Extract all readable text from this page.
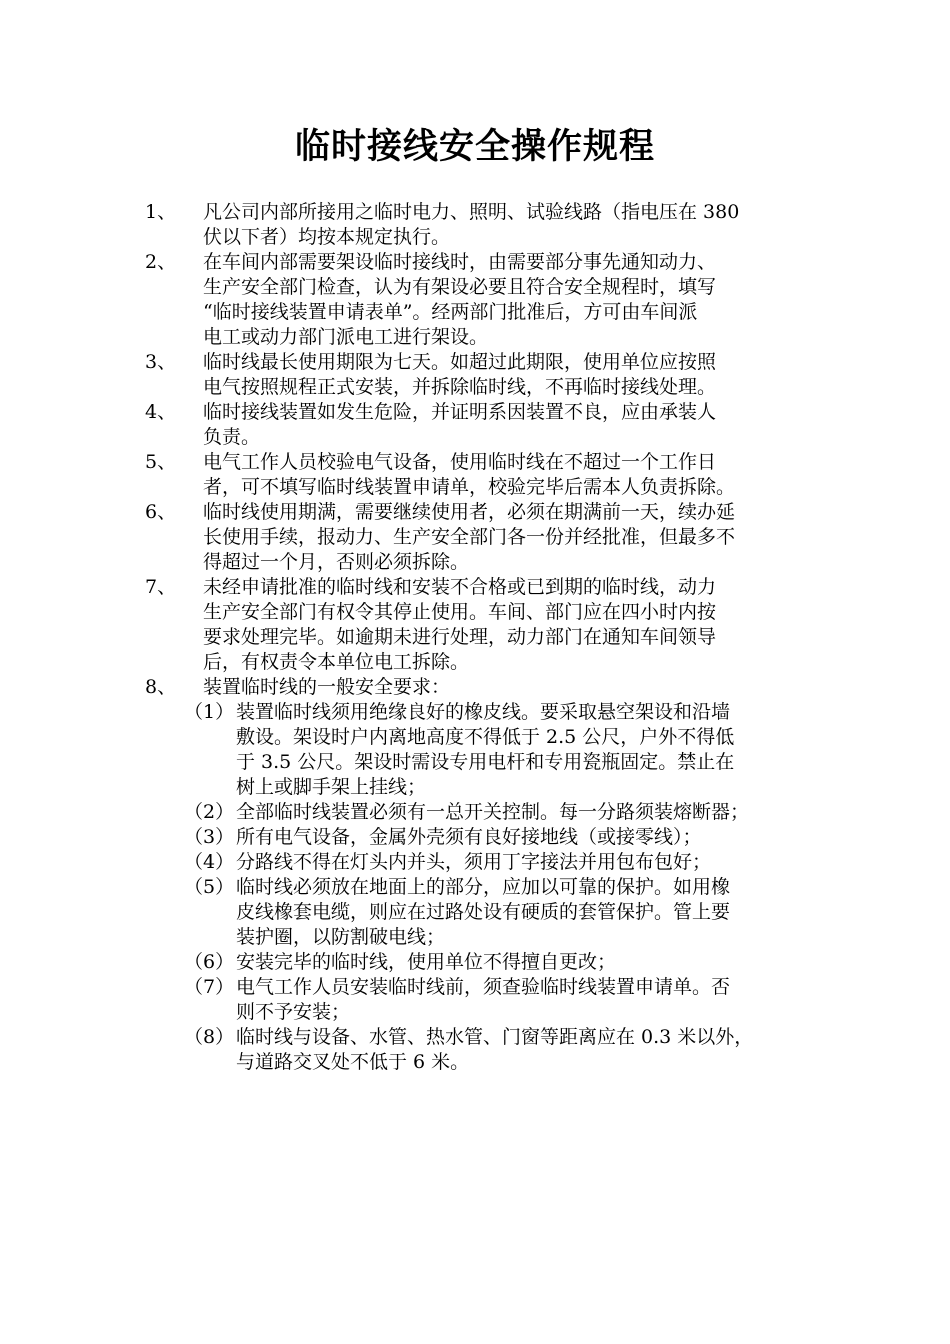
临时接线安全操作规程
1、	凡公司内部所接用之临时电力、照明、试验线路（指电压在 380
伏以下者）均按本规定执行。
2、	在车间内部需要架设临时接线时，由需要部分事先通知动力、
生产安全部门检查，认为有架设必要且符合安全规程时，填写
“临时接线装置申请表单”。经两部门批准后，方可由车间派
电工或动力部门派电工进行架设。
3、	临时线最长使用期限为七天。如超过此期限，使用单位应按照
电气按照规程正式安装，并拆除临时线，不再临时接线处理。
4、	临时接线装置如发生危险，并证明系因装置不良，应由承装人
负责。
5、	电气工作人员校验电气设备，使用临时线在不超过一个工作日
者，可不填写临时线装置申请单，校验完毕后需本人负责拆除。
6、	临时线使用期满，需要继续使用者，必须在期满前一天，续办延
长使用手续，报动力、生产安全部门各一份并经批准，但最多不
得超过一个月，否则必须拆除。
7、	未经申请批准的临时线和安装不合格或已到期的临时线，动力
生产安全部门有权令其停止使用。车间、部门应在四小时内按
要求处理完毕。如逾期未进行处理，动力部门在通知车间领导
后，有权责令本单位电工拆除。
8、	装置临时线的一般安全要求：
（1） 装置临时线须用绝缘良好的橡皮线。要采取悬空架设和沿墙
敷设。架设时户内离地高度不得低于 2.5 公尺，户外不得低
于 3.5 公尺。架设时需设专用电杆和专用瓷瓶固定。禁止在
树上或脚手架上挂线；
（2） 全部临时线装置必须有一总开关控制。每一分路须装熔断器；
（3） 所有电气设备，金属外壳须有良好接地线（或接零线）；
（4） 分路线不得在灯头内并头，须用丁字接法并用包布包好；
（5） 临时线必须放在地面上的部分，应加以可靠的保护。如用橡
皮线橡套电缆，则应在过路处设有硬质的套管保护。管上要
装护圈，以防割破电线；
（6） 安装完毕的临时线，使用单位不得擅自更改；
（7） 电气工作人员安装临时线前，须查验临时线装置申请单。否
则不予安装；
（8） 临时线与设备、水管、热水管、门窗等距离应在 0.3 米以外，
与道路交叉处不低于 6 米。
